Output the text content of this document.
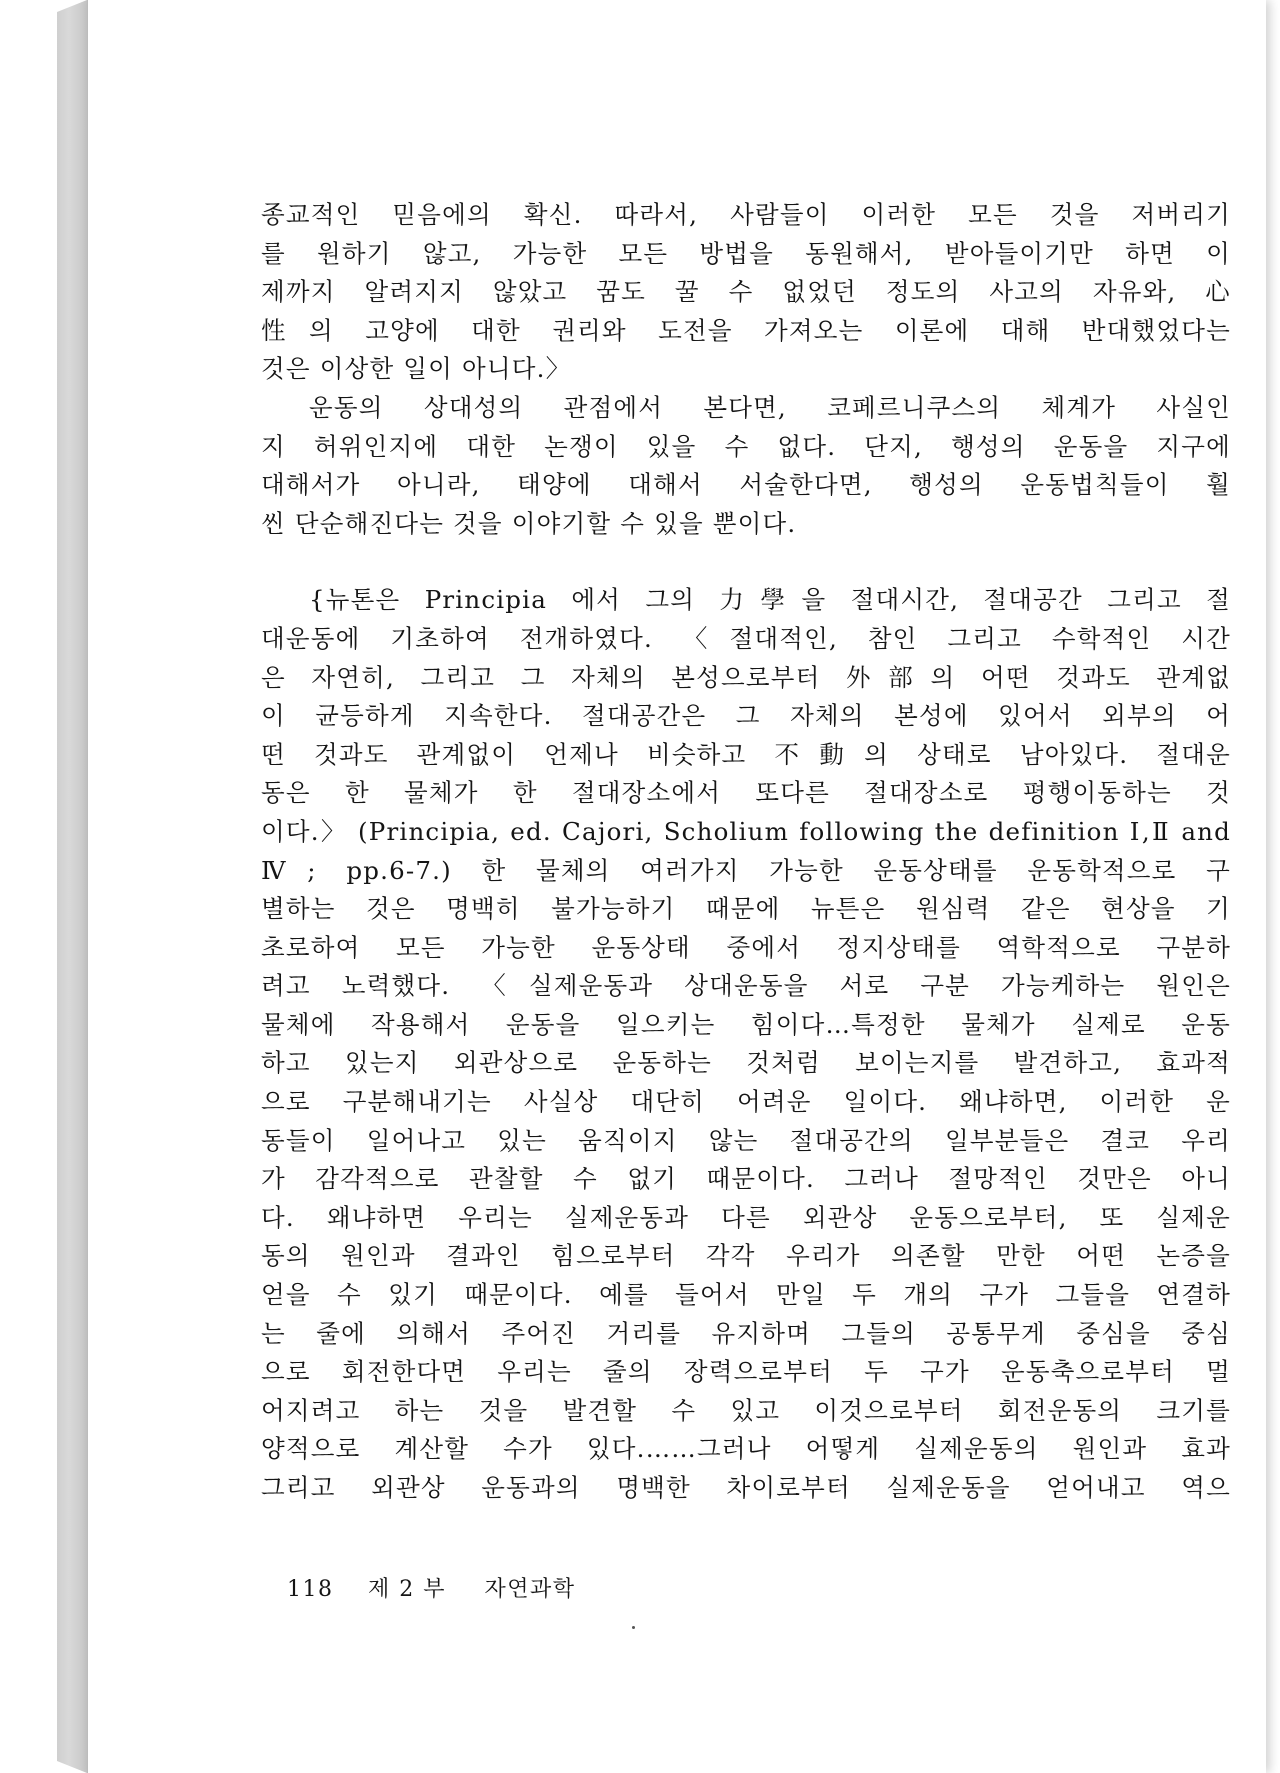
종교적인 믿음에의 확신. 따라서, 사람들이 이러한 모든 것을 저버리기
를 원하기 않고, 가능한 모든 방법을 동원해서, 받아들이기만 하면 이
제까지 알려지지 않았고 꿈도 꿀 수 없었던 정도의 사고의 자유와, 心
性의 고양에 대한 권리와 도전을 가져오는 이론에 대해 반대했었다는
것은 이상한 일이 아니다.〉
운동의 상대성의 관점에서 본다면, 코페르니쿠스의 체계가 사실인
지 허위인지에 대한 논쟁이 있을 수 없다. 단지, 행성의 운동을 지구에
대해서가 아니라, 태양에 대해서 서술한다면, 행성의 운동법칙들이 훨
씬 단순해진다는 것을 이야기할 수 있을 뿐이다.
{뉴톤은 Principia 에서 그의 力學을 절대시간, 절대공간 그리고 절
대운동에 기초하여 전개하였다. 〈절대적인, 참인 그리고 수학적인 시간
은 자연히, 그리고 그 자체의 본성으로부터 外部의 어떤 것과도 관계없
이 균등하게 지속한다. 절대공간은 그 자체의 본성에 있어서 외부의 어
떤 것과도 관계없이 언제나 비슷하고 不動의 상태로 남아있다. 절대운
동은 한 물체가 한 절대장소에서 또다른 절대장소로 평행이동하는 것
이다.〉 (Principia, ed. Cajori, Scholium following the definition Ⅰ,Ⅱ and
Ⅳ; pp.6-7.) 한 물체의 여러가지 가능한 운동상태를 운동학적으로 구
별하는 것은 명백히 불가능하기 때문에 뉴튼은 원심력 같은 현상을 기
초로하여 모든 가능한 운동상태 중에서 정지상태를 역학적으로 구분하
려고 노력했다. 〈실제운동과 상대운동을 서로 구분 가능케하는 원인은
물체에 작용해서 운동을 일으키는 힘이다…특정한 물체가 실제로 운동
하고 있는지 외관상으로 운동하는 것처럼 보이는지를 발견하고, 효과적
으로 구분해내기는 사실상 대단히 어려운 일이다. 왜냐하면, 이러한 운
동들이 일어나고 있는 움직이지 않는 절대공간의 일부분들은 결코 우리
가 감각적으로 관찰할 수 없기 때문이다. 그러나 절망적인 것만은 아니
다. 왜냐하면 우리는 실제운동과 다른 외관상 운동으로부터, 또 실제운
동의 원인과 결과인 힘으로부터 각각 우리가 의존할 만한 어떤 논증을
얻을 수 있기 때문이다. 예를 들어서 만일 두 개의 구가 그들을 연결하
는 줄에 의해서 주어진 거리를 유지하며 그들의 공통무게 중심을 중심
으로 회전한다면 우리는 줄의 장력으로부터 두 구가 운동축으로부터 멀
어지려고 하는 것을 발견할 수 있고 이것으로부터 회전운동의 크기를
양적으로 계산할 수가 있다.……그러나 어떻게 실제운동의 원인과 효과
그리고 외관상 운동과의 명백한 차이로부터 실제운동을 얻어내고 역으
118 제 2 부 자연과학
